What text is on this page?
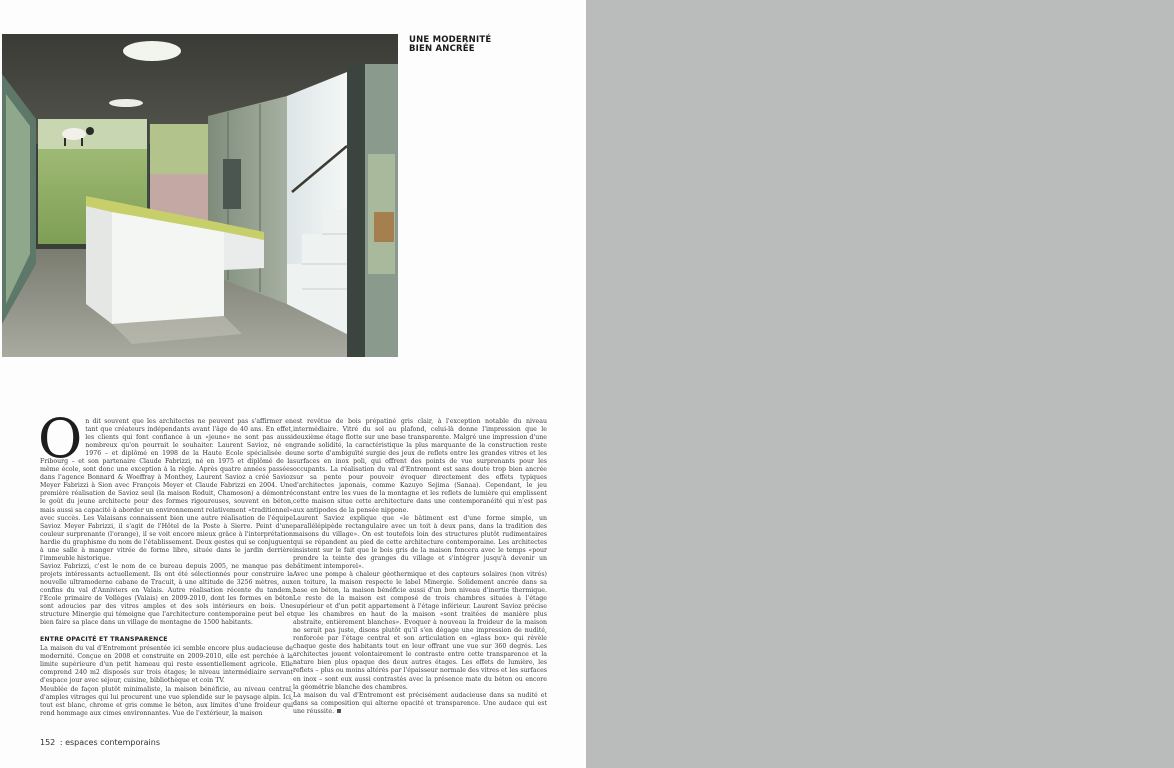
UNE MODERNITÉ
BIEN ANCRÉE

On dit souvent que les architectes ne peuvent pas s'affirmer en tant que créateurs indépendants avant l'âge de 40 ans. En effet, les clients qui font confiance à un «jeune» ne sont pas aussi nombreux qu'on pourrait le souhaiter. Laurent Savioz, né en 1976 – et diplômé en 1998 de la Haute Ecole spécialisée de Fribourg – et son partenaire Claude Fabrizzi, né en 1975 et diplômé de la même école, sont donc une exception à la règle. Après quatre années passées dans l'agence Bonnard & Woeffray à Monthey, Laurent Savioz a créé Savioz Meyer Fabrizzi à Sion avec François Meyer et Claude Fabrizzi en 2004. Une première réalisation de Savioz seul (la maison Roduit, Chamoson) a démontré le goût du jeune architecte pour des formes rigoureuses, souvent en béton, mais aussi sa capacité à aborder un environnement relativement «traditionnel» avec succès. Les Valaisans connaissent bien une autre réalisation de l'équipe Savioz Meyer Fabrizzi, il s'agit de l'Hôtel de la Poste à Sierre. Peint d'une couleur surprenante (l'orange), il se voit encore mieux grâce à l'interprétation hardie du graphisme du nom de l'établissement. Deux gestes qui se conjuguent à une salle à manger vitrée de forme libre, située dans le jardin derrière l'immeuble historique.

Savioz Fabrizzi, c'est le nom de ce bureau depuis 2005, ne manque pas de projets intéressants actuellement. Ils ont été sélectionnés pour construire la nouvelle ultramoderne cabane de Tracuit, à une altitude de 3256 mètres, aux confins du val d'Anniviers en Valais. Autre réalisation récente du tandem, l'Ecole primaire de Vollèges (Valais) en 2009-2010, dont les formes en béton sont adoucies par des vitres amples et des sols intérieurs en bois. Une structure Minergie qui témoigne que l'architecture contemporaine peut bel et bien faire sa place dans un village de montagne de 1500 habitants.

ENTRE OPACITÉ ET TRANSPARENCE

La maison du val d'Entremont présentée ici semble encore plus audacieuse de modernité. Conçue en 2008 et construite en 2009-2010, elle est perchée à la limite supérieure d'un petit hameau qui reste essentiellement agricole. Elle comprend 240 m2 disposés sur trois étages; le niveau intermédiaire servant d'espace jour avec séjour, cuisine, bibliothèque et coin TV.

Meublée de façon plutôt minimaliste, la maison bénéficie, au niveau central, d'amples vitrages qui lui procurent une vue splendide sur le paysage alpin. Ici, tout est blanc, chrome et gris comme le béton, aux limites d'une froideur qui rend hommage aux cimes environnantes. Vue de l'extérieur, la maison

est revêtue de bois prépatiné gris clair, à l'exception notable du niveau intermédiaire. Vitré du sol au plafond, celui-là donne l'impression que le deuxième étage flotte sur une base transparente. Malgré une impression d'une grande solidité, la caractéristique la plus marquante de la construction reste une sorte d'ambiguïté surgie des jeux de reflets entre les grandes vitres et les surfaces en inox poli, qui offrent des points de vue surprenants pour les occupants. La réalisation du val d'Entremont est sans doute trop bien ancrée sur sa pente pour pouvoir évoquer directement des effets typiques d'architectes japonais, comme Kazuyo Sejima (Sanaa). Cependant, le jeu constant entre les vues de la montagne et les reflets de lumière qui emplissent cette maison situe cette architecture dans une contemporanéité qui n'est pas aux antipodes de la pensée nippone.

Laurent Savioz explique que «le bâtiment est d'une forme simple, un parallélépipède rectangulaire avec un toit à deux pans, dans la tradition des maisons du village». On est toutefois loin des structures plutôt rudimentaires qui se répandent au pied de cette architecture contemporaine. Les architectes insistent sur le fait que le bois gris de la maison foncera avec le temps «pour prendre la teinte des granges du village et s'intégrer jusqu'à devenir un bâtiment intemporel».

Avec une pompe à chaleur géothermique et des capteurs solaires (non vitrés) en toiture, la maison respecte le label Minergie. Solidement ancrée dans sa base en béton, la maison bénéficie aussi d'un bon niveau d'inertie thermique. Le reste de la maison est composé de trois chambres situées à l'étage supérieur et d'un petit appartement à l'étage inférieur. Laurent Savioz précise que les chambres en haut de la maison «sont traitées de manière plus abstraite, entièrement blanches». Evoquer à nouveau la froideur de la maison ne serait pas juste, disons plutôt qu'il s'en dégage une impression de nudité, renforcée par l'étage central et son articulation en «glass box» qui révèle chaque geste des habitants tout en leur offrant une vue sur 360 degrés. Les architectes jouent volontairement le contraste entre cette transparence et la nature bien plus opaque des deux autres étages. Les effets de lumière, les reflets – plus ou moins altérés par l'épaisseur normale des vitres et les surfaces en inox – sont eux aussi contrastés avec la présence mate du béton ou encore la géométrie blanche des chambres.

La maison du val d'Entremont est précisément audacieuse dans sa nudité et dans sa composition qui alterne opacité et transparence. Une audace qui est une réussite.

152 : espaces contemporains
